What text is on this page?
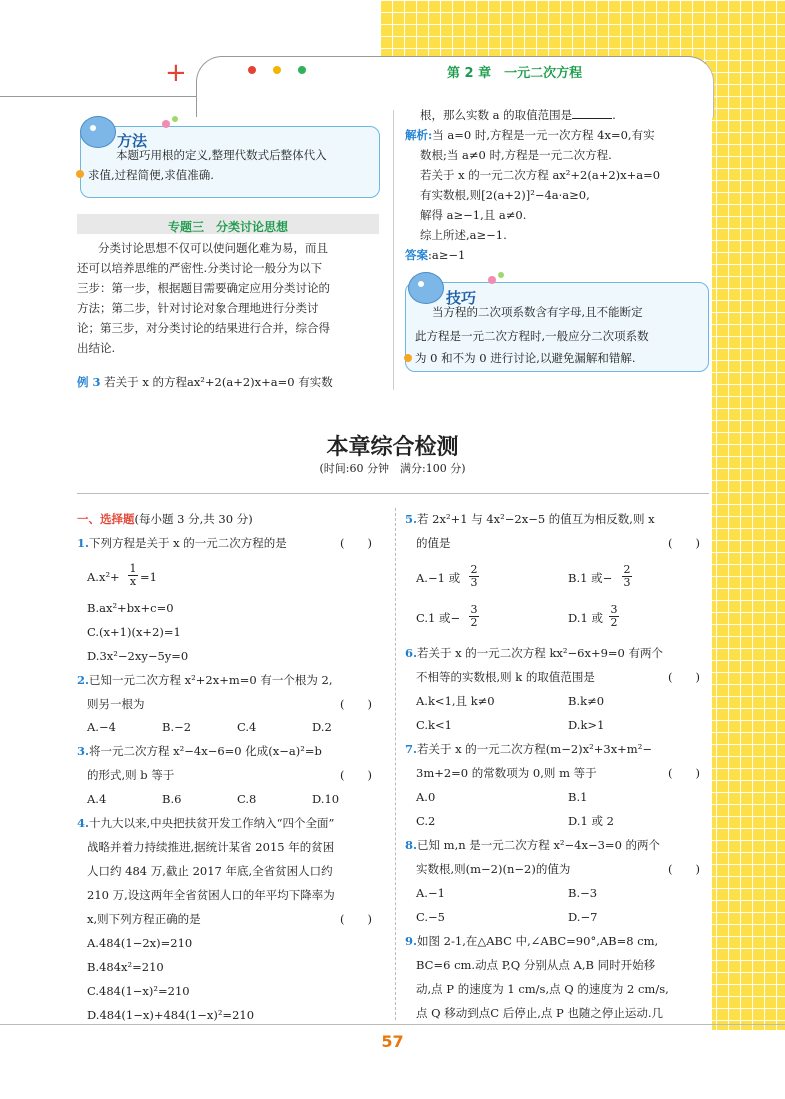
+	第 2 章　一元二次方程
方法
本题巧用根的定义,整理代数式后整体代入
求值,过程简便,求值准确.
专题三　分类讨论思想
分类讨论思想不仅可以使问题化难为易，而且
还可以培养思维的严密性.分类讨论一般分为以下
三步：第一步，根据题目需要确定应用分类讨论的
方法；第二步，针对讨论对象合理地进行分类讨
论；第三步，对分类讨论的结果进行合并，综合得
出结论.
例 3 若关于 x 的方程ax²+2(a+2)x+a=0 有实数
根，那么实数 a 的取值范围是	.
解析:当 a=0 时,方程是一元一次方程 4x=0,有实
数根;当 a≠0 时,方程是一元二次方程.
若关于 x 的一元二次方程 ax²+2(a+2)x+a=0
有实数根,则[2(a+2)]²−4a·a≥0,
解得 a≥−1,且 a≠0.
综上所述,a≥−1.
答案:a≥−1
技巧
当方程的二次项系数含有字母,且不能断定
此方程是一元二次方程时,一般应分二次项系数
为 0 和不为 0 进行讨论,以避免漏解和错解.
本章综合检测
(时间:60 分钟　满分:100 分)
一、选择题(每小题 3 分,共 30 分)
1.下列方程是关于 x 的一元二次方程的是	(　　)
$A.x^2+ \frac{1}{x} =1$
B.ax²+bx+c=0
C.(x+1)(x+2)=1
D.3x²−2xy−5y=0
2.已知一元二次方程 x²+2x+m=0 有一个根为 2,
则另一根为	(　　)
A.−4	B.−2	C.4	D.2
3.将一元二次方程 x²−4x−6=0 化成(x−a)²=b
的形式,则 b 等于	(　　)
A.4	B.6	C.8	D.10
4.十九大以来,中央把扶贫开发工作纳入“四个全面”
战略并着力持续推进,据统计某省 2015 年的贫困
人口约 484 万,截止 2017 年底,全省贫困人口约
210 万,设这两年全省贫困人口的年平均下降率为
x,则下列方程正确的是	(　　)
A.484(1−2x)=210
B.484x²=210
C.484(1−x)²=210
D.484(1−x)+484(1−x)²=210
5.若 2x²+1 与 4x²−2x−5 的值互为相反数,则 x
的值是	(　　)
A.−1 或 $\frac{2}{3}$	B.1 或− $\frac{2}{3}$
C.1 或− $\frac{3}{2}$	D.1 或 $\frac{3}{2}$
6.若关于 x 的一元二次方程 kx²−6x+9=0 有两个
不相等的实数根,则 k 的取值范围是	(　　)
A.k<1,且 k≠0	B.k≠0
C.k<1	D.k>1
7.若关于 x 的一元二次方程(m−2)x²+3x+m²−
3m+2=0 的常数项为 0,则 m 等于	(　　)
A.0	B.1
C.2	D.1 或 2
8.已知 m,n 是一元二次方程 x²−4x−3=0 的两个
实数根,则(m−2)(n−2)的值为	(　　)
A.−1	B.−3
C.−5	D.−7
9.如图 2-1,在△ABC 中,∠ABC=90°,AB=8 cm,
BC=6 cm.动点 P,Q 分别从点 A,B 同时开始移
动,点 P 的速度为 1 cm/s,点 Q 的速度为 2 cm/s,
点 Q 移动到点C 后停止,点 P 也随之停止运动.几
57
